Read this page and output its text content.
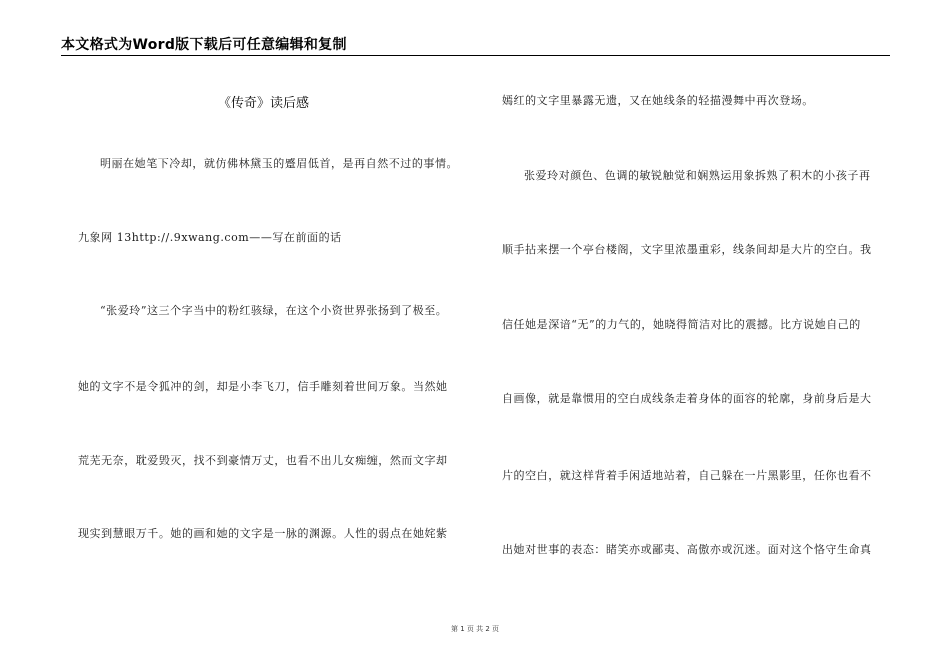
本文格式为Word版下载后可任意编辑和复制
《传奇》读后感
明丽在她笔下冷却，就仿佛林黛玉的蹙眉低首，是再自然不过的事情。
九象网 13http://.9xwang.com——写在前面的话
“张爱玲”这三个字当中的粉红骇绿，在这个小资世界张扬到了极至。
她的文字不是令狐冲的剑，却是小李飞刀，信手雕刻着世间万象。当然她
荒芜无奈，耽爱毁灭，找不到豪情万丈，也看不出儿女痴缠，然而文字却
现实到慧眼万千。她的画和她的文字是一脉的渊源。人性的弱点在她姹紫
嫣红的文字里暴露无遗，又在她线条的轻描漫舞中再次登场。
张爱玲对颜色、色调的敏锐触觉和娴熟运用象拆熟了积木的小孩子再
顺手拈来摆一个亭台楼阁，文字里浓墨重彩，线条间却是大片的空白。我
信任她是深谙“无”的力气的，她晓得简洁对比的震撼。比方说她自己的
自画像，就是靠惯用的空白成线条走着身体的面容的轮廓，身前身后是大
片的空白，就这样背着手闲适地站着，自己躲在一片黑影里，任你也看不
出她对世事的表态：睹笑亦或鄙夷、高傲亦或沉迷。面对这个恪守生命真
第 1 页 共 2 页
